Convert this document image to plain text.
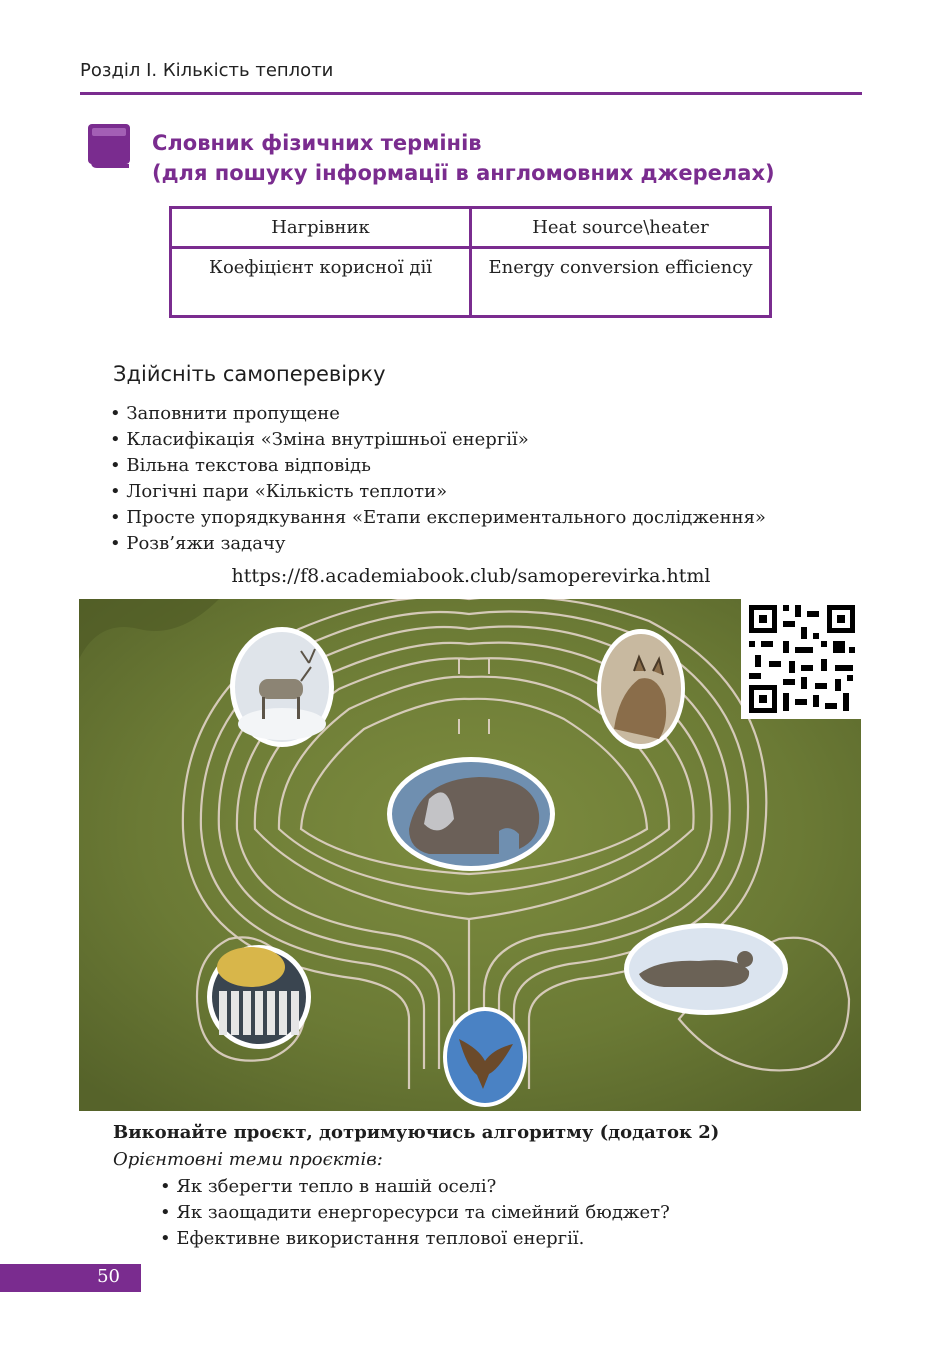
Розділ І. Кількість теплоти
Словник фізичних термінів
(для пошуку інформації в англомовних джерелах)
Нагрівник	Heat source\heater
Коефіцієнт корисної дії	Energy conversion efficiency
Здійсніть самоперевірку
• Заповнити пропущене
• Класифікація «Зміна внутрішньої енергії»
• Вільна текстова відповідь
• Логічні пари «Кількість теплоти»
• Просте упорядкування «Етапи експериментального дослідження»
• Розв’яжи задачу
https://f8.academiabook.club/samoperevirka.html
Виконайте проєкт, дотримуючись алгоритму (додаток 2)
Орієнтовні теми проєктів:
• Як зберегти тепло в нашій оселі?
• Як заощадити енергоресурси та сімейний бюджет?
• Ефективне використання теплової енергії.
50
